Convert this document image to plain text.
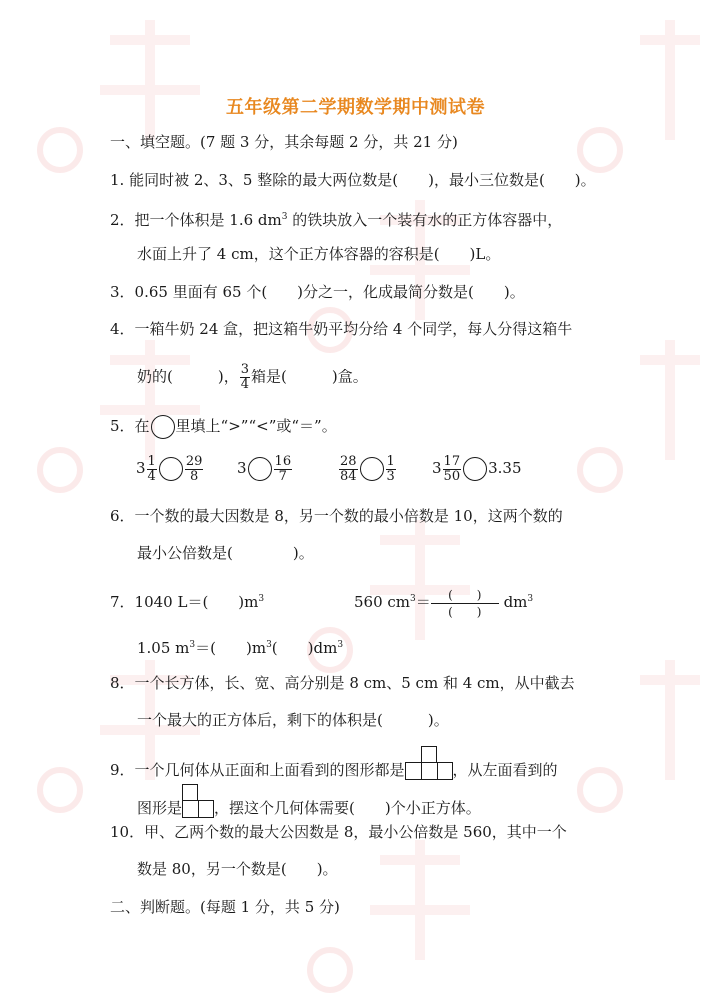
五年级第二学期数学期中测试卷
一、填空题。(7 题 3 分，其余每题 2 分，共 21 分)
1. 能同时被 2、3、5 整除的最大两位数是(　　)，最小三位数是(　　)。
2．把一个体积是 1.6 $dm^3$ 的铁块放入一个装有水的正方体容器中，
水面上升了 4 cm，这个正方体容器的容积是(　　)L。
3．0.65 里面有 65 个(　　)分之一，化成最简分数是(　　)。
4．一箱牛奶 24 盒，把这箱牛奶平均分给 4 个同学，每人分得这箱牛
奶的(　　　)， $\frac{3}{4}$ 箱是(　　　)盒。
5．在 里填上“>”“<”或“＝”。
$3 \frac{1}{4} \frac{29}{8} 3 \frac{16}{7}$	$\frac{28}{84} \frac{1}{3} 3 \frac{17}{50} 3.35$
6．一个数的最大因数是 8，另一个数的最小倍数是 10，这两个数的
最小公倍数是(　　　　)。
7．1040 L＝(　　)$m^3$	560 $cm^3=$	(　　)
(　　) $dm^3$
1.05 $m^3=$(　　)$m^3$(　　)$dm^3$
8．一个长方体，长、宽、高分别是 8 cm、5 cm 和 4 cm，从中截去
一个最大的正方体后，剩下的体积是(　　　)。
9．一个几何体从正面和上面看到的图形都是	，从左面看到的
图形是 ，摆这个几何体需要(　　)个小正方体。
10．甲、乙两个数的最大公因数是 8，最小公倍数是 560，其中一个
数是 80，另一个数是(　　)。
二、判断题。(每题 1 分，共 5 分)
